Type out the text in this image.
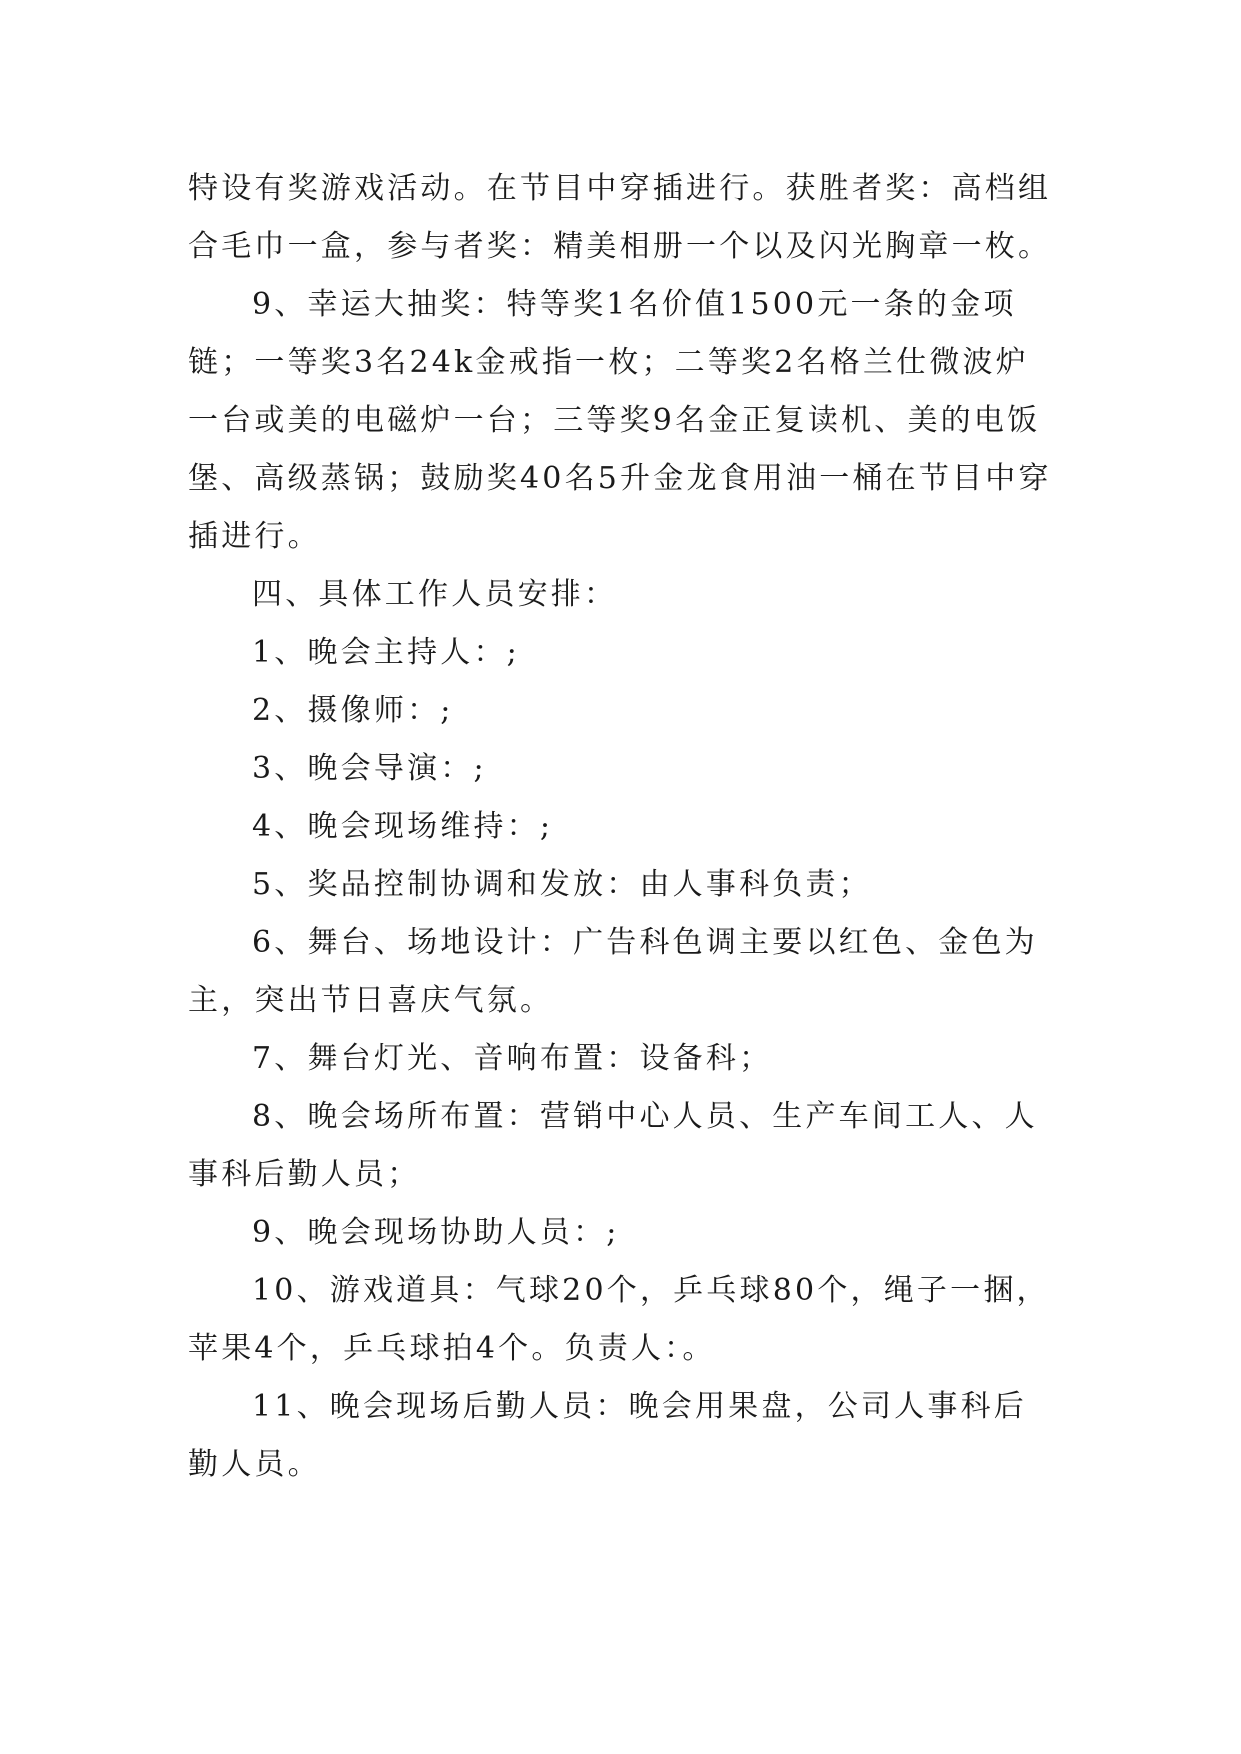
特设有奖游戏活动。在节目中穿插进行。获胜者奖：高档组合毛巾一盒，参与者奖：精美相册一个以及闪光胸章一枚。

9、幸运大抽奖：特等奖1名价值1500元一条的金项链；一等奖3名24k金戒指一枚；二等奖2名格兰仕微波炉一台或美的电磁炉一台；三等奖9名金正复读机、美的电饭堡、高级蒸锅；鼓励奖40名5升金龙食用油一桶在节目中穿插进行。

四、具体工作人员安排：

1、晚会主持人：;

2、摄像师：;

3、晚会导演：;

4、晚会现场维持：;

5、奖品控制协调和发放：由人事科负责；

6、舞台、场地设计：广告科色调主要以红色、金色为主，突出节日喜庆气氛。

7、舞台灯光、音响布置：设备科；

8、晚会场所布置：营销中心人员、生产车间工人、人事科后勤人员；

9、晚会现场协助人员：;

10、游戏道具：气球20个，乒乓球80个，绳子一捆，苹果4个，乒乓球拍4个。负责人：。

11、晚会现场后勤人员：晚会用果盘，公司人事科后勤人员。
